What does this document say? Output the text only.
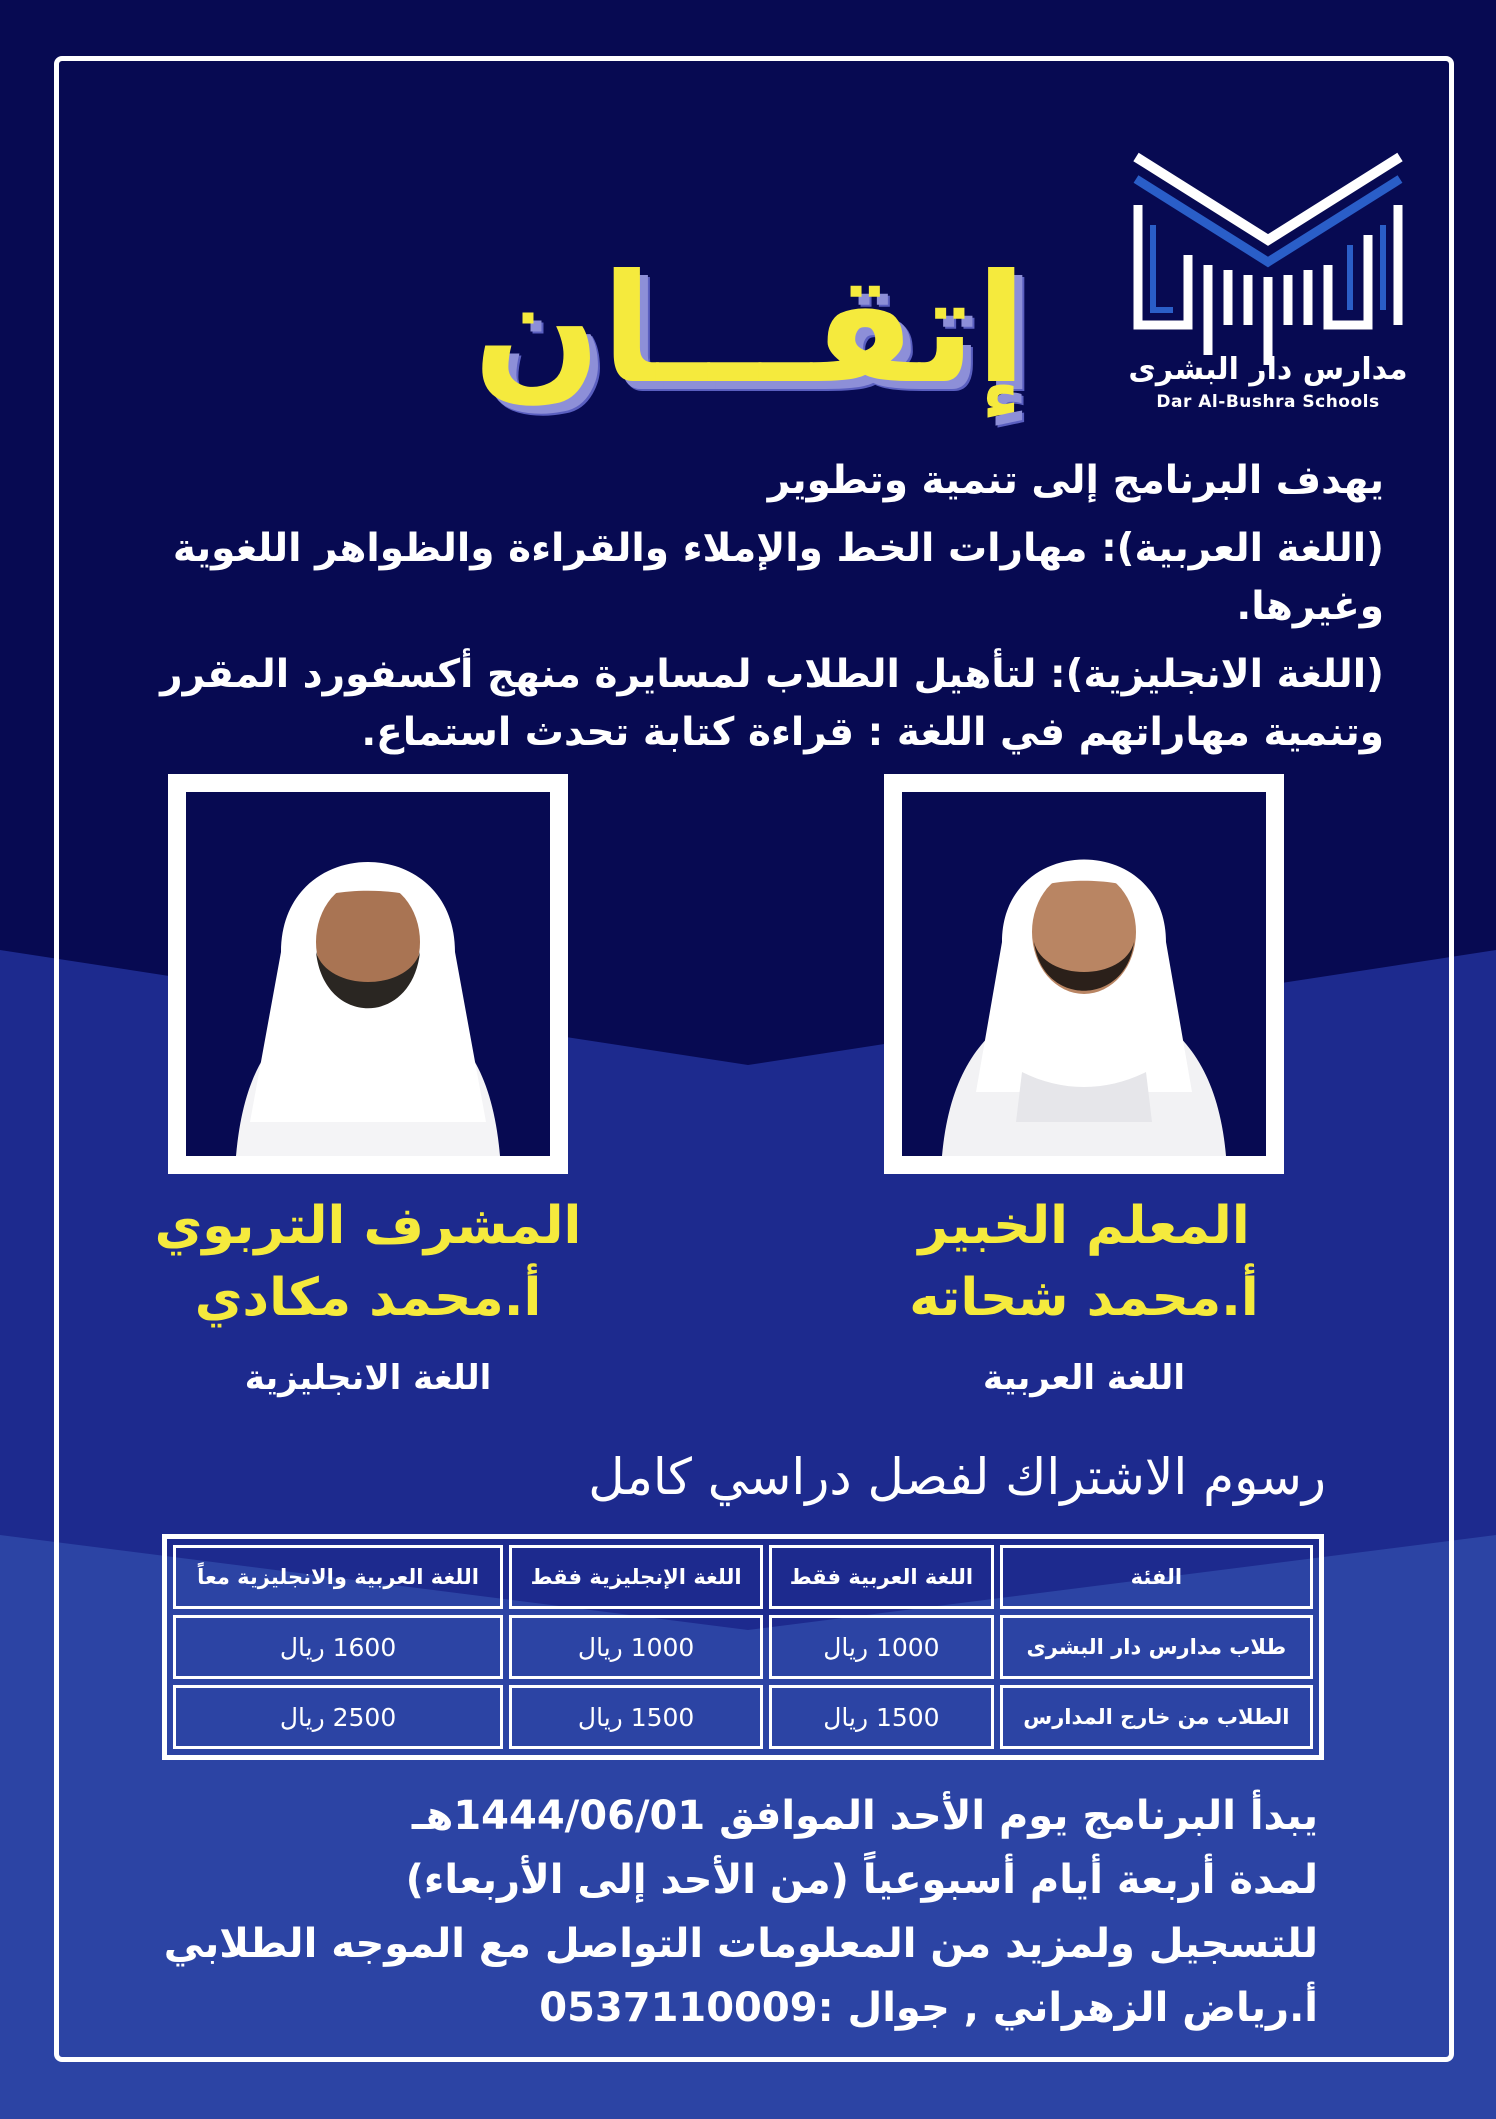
مدارس دار البشرى
Dar Al-Bushra Schools
إتقـــان

يهدف البرنامج إلى تنمية وتطوير

(اللغة العربية): مهارات الخط والإملاء والقراءة والظواهر اللغوية وغيرها.

(اللغة الانجليزية): لتأهيل الطلاب لمسايرة منهج أكسفورد المقرر وتنمية مهاراتهم في اللغة : قراءة كتابة تحدث استماع.

المعلم الخبير
أ.محمد شحاته
المشرف التربوي
أ.محمد مكادي
اللغة العربية
اللغة الانجليزية
رسوم الاشتراك لفصل دراسي كامل
الفئة	اللغة العربية فقط	اللغة الإنجليزية فقط	اللغة العربية والانجليزية معاً
طلاب مدارس دار البشرى	1000 ريال	1000 ريال	1600 ريال
الطلاب من خارج المدارس	1500 ريال	1500 ريال	2500 ريال

يبدأ البرنامج يوم الأحد الموافق 1444/06/01هـ

لمدة أربعة أيام أسبوعياً (من الأحد إلى الأربعاء)

للتسجيل ولمزيد من المعلومات التواصل مع الموجه الطلابي

أ.رياض الزهراني , جوال :0537110009
